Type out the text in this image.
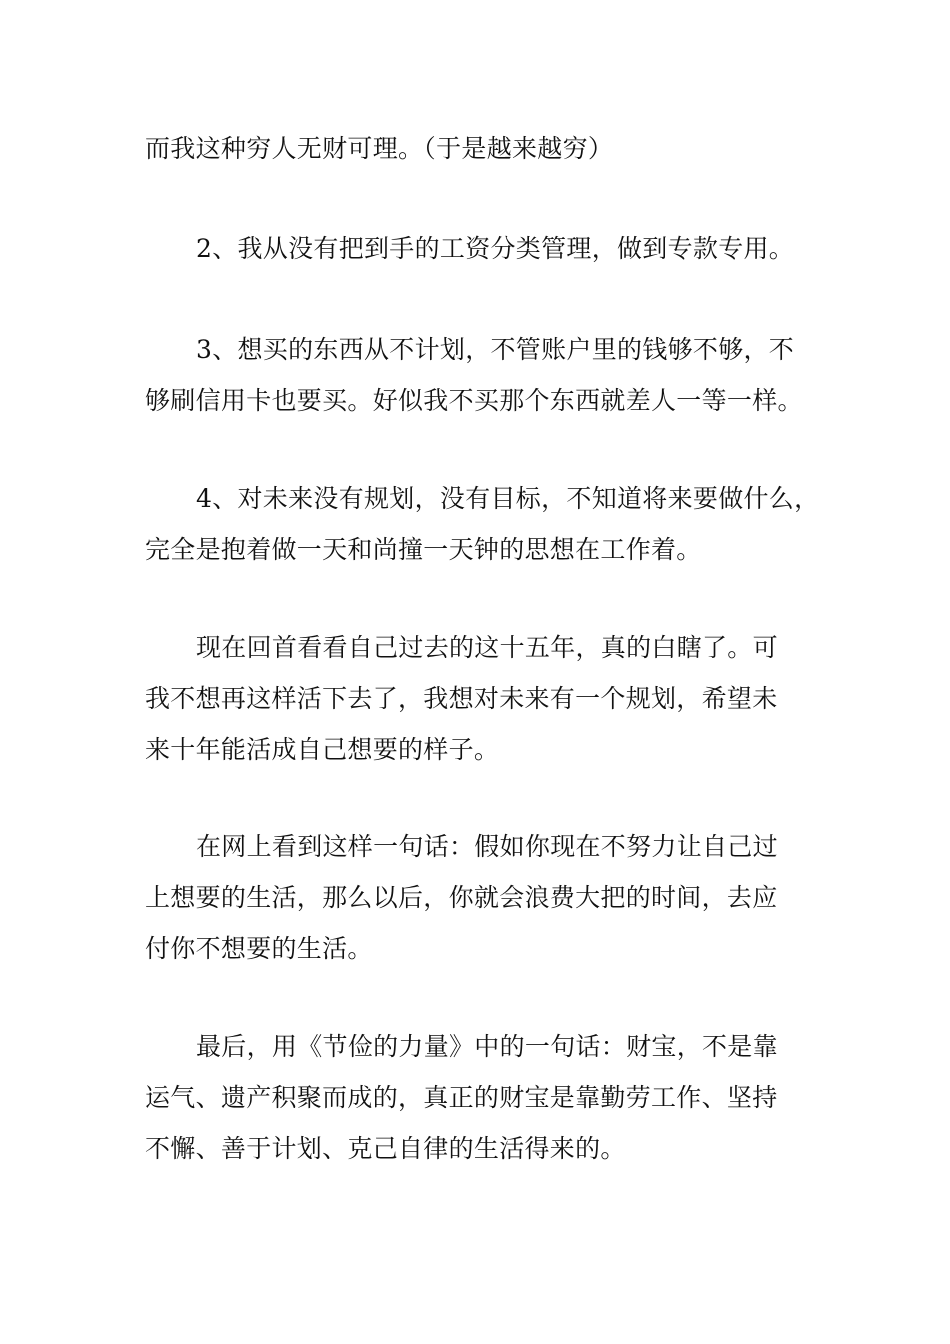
而我这种穷人无财可理。（于是越来越穷）
2、我从没有把到手的工资分类管理，做到专款专用。
3、想买的东西从不计划，不管账户里的钱够不够，不
够刷信用卡也要买。好似我不买那个东西就差人一等一样。
4、对未来没有规划，没有目标，不知道将来要做什么，
完全是抱着做一天和尚撞一天钟的思想在工作着。
现在回首看看自己过去的这十五年，真的白瞎了。可
我不想再这样活下去了，我想对未来有一个规划，希望未
来十年能活成自己想要的样子。
在网上看到这样一句话：假如你现在不努力让自己过
上想要的生活，那么以后，你就会浪费大把的时间，去应
付你不想要的生活。
最后，用《节俭的力量》中的一句话：财宝，不是靠
运气、遗产积聚而成的，真正的财宝是靠勤劳工作、坚持
不懈、善于计划、克己自律的生活得来的。
